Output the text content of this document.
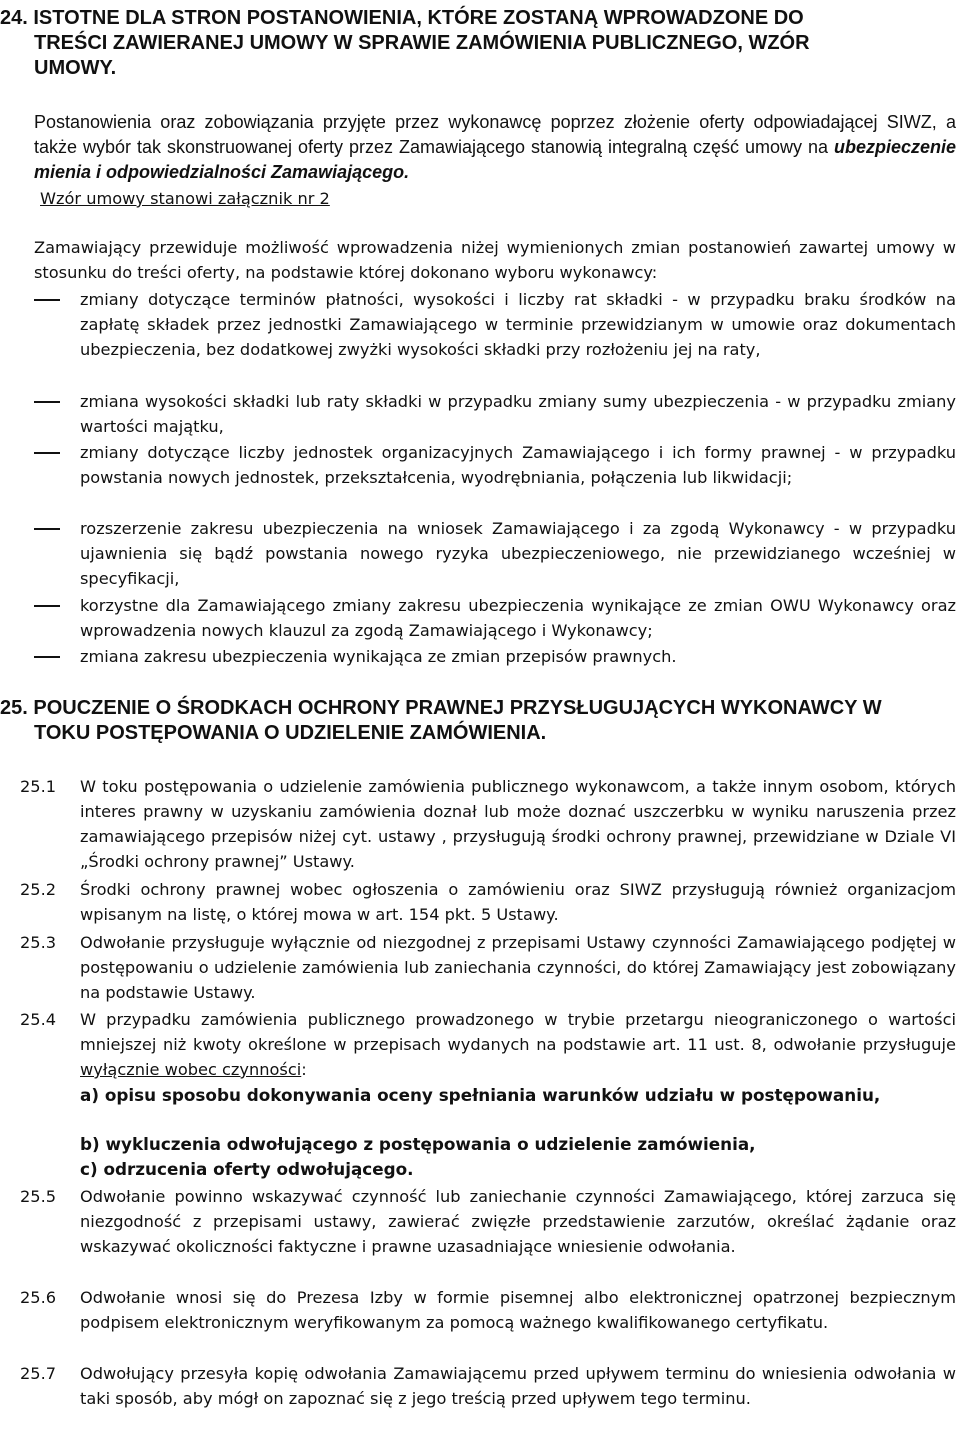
24. ISTOTNE DLA STRON POSTANOWIENIA, KTÓRE ZOSTANĄ WPROWADZONE DO
TREŚCI ZAWIERANEJ UMOWY W SPRAWIE ZAMÓWIENIA PUBLICZNEGO, WZÓR
UMOWY.

Postanowienia oraz zobowiązania przyjęte przez wykonawcę poprzez złożenie oferty odpowiadającej SIWZ, a także wybór tak skonstruowanej oferty przez Zamawiającego stanowią integralną część umowy na ubezpieczenie mienia i odpowiedzialności Zamawiającego.

Wzór umowy stanowi załącznik nr 2

Zamawiający przewiduje możliwość wprowadzenia niżej wymienionych zmian postanowień zawartej umowy w stosunku do treści oferty, na podstawie której dokonano wyboru wykonawcy:

zmiany dotyczące terminów płatności, wysokości i liczby rat składki - w przypadku braku środków na zapłatę składek przez jednostki Zamawiającego w terminie przewidzianym w umowie oraz dokumentach ubezpieczenia, bez dodatkowej zwyżki wysokości składki przy rozłożeniu jej na raty,

zmiana wysokości składki lub raty składki w przypadku zmiany sumy ubezpieczenia - w przypadku zmiany wartości majątku,

zmiany dotyczące liczby jednostek organizacyjnych Zamawiającego i ich formy prawnej - w przypadku powstania nowych jednostek, przekształcenia, wyodrębniania, połączenia lub likwidacji;

rozszerzenie zakresu ubezpieczenia na wniosek Zamawiającego i za zgodą Wykonawcy - w przypadku ujawnienia się bądź powstania nowego ryzyka ubezpieczeniowego, nie przewidzianego wcześniej w specyfikacji,

korzystne dla Zamawiającego zmiany zakresu ubezpieczenia wynikające ze zmian OWU Wykonawcy oraz wprowadzenia nowych klauzul za zgodą Zamawiającego i Wykonawcy;

zmiana zakresu ubezpieczenia wynikająca ze zmian przepisów prawnych.

25. POUCZENIE O ŚRODKACH OCHRONY PRAWNEJ PRZYSŁUGUJĄCYCH WYKONAWCY W
TOKU POSTĘPOWANIA O UDZIELENIE ZAMÓWIENIA.
25.1 W toku postępowania o udzielenie zamówienia publicznego wykonawcom, a także innym osobom, których interes prawny w uzyskaniu zamówienia doznał lub może doznać uszczerbku w wyniku naruszenia przez zamawiającego przepisów niżej cyt. ustawy , przysługują środki ochrony prawnej, przewidziane w Dziale VI „Środki ochrony prawnej” Ustawy.

25.2 Środki ochrony prawnej wobec ogłoszenia o zamówieniu oraz SIWZ przysługują również organizacjom wpisanym na listę, o której mowa w art. 154 pkt. 5 Ustawy.

25.3 Odwołanie przysługuje wyłącznie od niezgodnej z przepisami Ustawy czynności Zamawiającego podjętej w postępowaniu o udzielenie zamówienia lub zaniechania czynności, do której Zamawiający jest zobowiązany na podstawie Ustawy.

25.4 W przypadku zamówienia publicznego prowadzonego w trybie przetargu nieograniczonego o wartości mniejszej niż kwoty określone w przepisach wydanych na podstawie art. 11 ust. 8, odwołanie przysługuje wyłącznie wobec czynności:

a) opisu sposobu dokonywania oceny spełniania warunków udziału w postępowaniu,

b) wykluczenia odwołującego z postępowania o udzielenie zamówienia,

c) odrzucenia oferty odwołującego.

25.5 Odwołanie powinno wskazywać czynność lub zaniechanie czynności Zamawiającego, której zarzuca się niezgodność z przepisami ustawy, zawierać zwięzłe przedstawienie zarzutów, określać żądanie oraz wskazywać okoliczności faktyczne i prawne uzasadniające wniesienie odwołania.

25.6 Odwołanie wnosi się do Prezesa Izby w formie pisemnej albo elektronicznej opatrzonej bezpiecznym podpisem elektronicznym weryfikowanym za pomocą ważnego kwalifikowanego certyfikatu.

25.7 Odwołujący przesyła kopię odwołania Zamawiającemu przed upływem terminu do wniesienia odwołania w taki sposób, aby mógł on zapoznać się z jego treścią przed upływem tego terminu.
